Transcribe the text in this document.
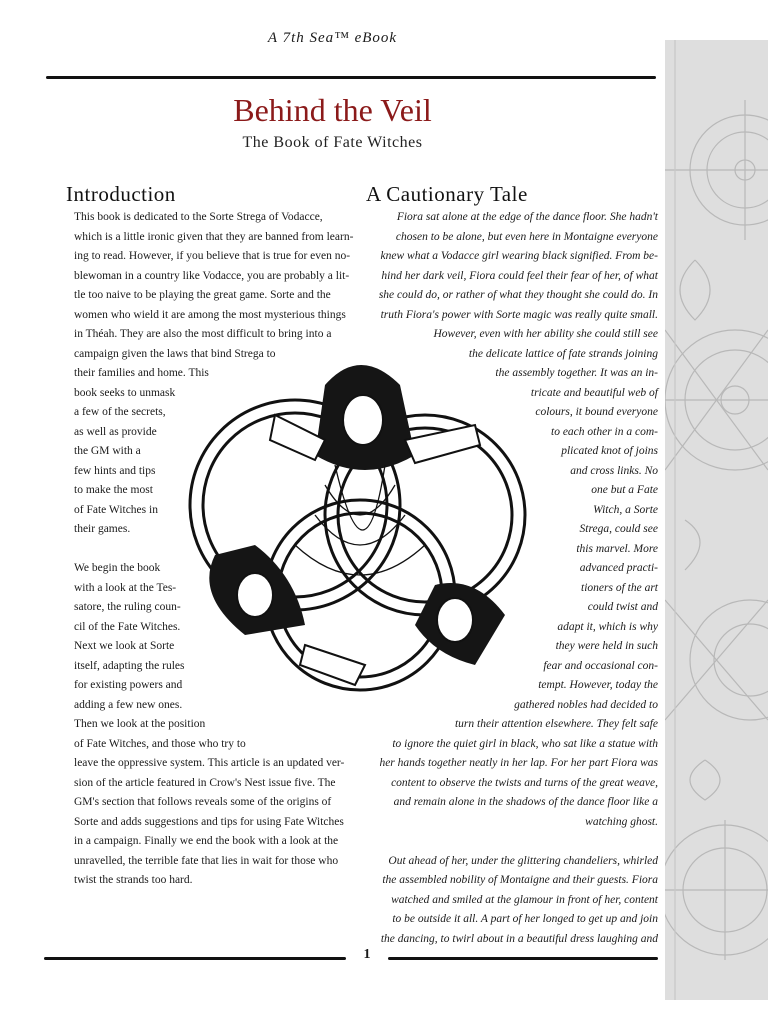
A 7th Sea™ eBook
Behind the Veil
The Book of Fate Witches
Introduction	A Cautionary Tale
This book is dedicated to the Sorte Strega of Vodacce,
which is a little ironic given that they are banned from learn-
ing to read. However, if you believe that is true for even no-
blewoman in a country like Vodacce, you are probably a lit-
tle too naive to be playing the great game. Sorte and the
women who wield it are among the most mysterious things
in Théah. They are also the most difficult to bring into a
campaign given the laws that bind Strega to
their families and home. This
book seeks to unmask
a few of the secrets,
as well as provide
the GM with a
few hints and tips
to make the most
of Fate Witches in
their games.
We begin the book
with a look at the Tes-
satore, the ruling coun-
cil of the Fate Witches.
Next we look at Sorte
itself, adapting the rules
for existing powers and
adding a few new ones.
Then we look at the position
of Fate Witches, and those who try to
leave the oppressive system. This article is an updated ver-
sion of the article featured in Crow's Nest issue five. The
GM's section that follows reveals some of the origins of
Sorte and adds suggestions and tips for using Fate Witches
in a campaign. Finally we end the book with a look at the
unravelled, the terrible fate that lies in wait for those who
twist the strands too hard.
Fiora sat alone at the edge of the dance floor. She hadn't
chosen to be alone, but even here in Montaigne everyone
knew what a Vodacce girl wearing black signified. From be-
hind her dark veil, Fiora could feel their fear of her, of what
she could do, or rather of what they thought she could do. In
truth Fiora's power with Sorte magic was really quite small.
However, even with her ability she could still see
the delicate lattice of fate strands joining
the assembly together. It was an in-
tricate and beautiful web of
colours, it bound everyone
to each other in a com-
plicated knot of joins
and cross links. No
one but a Fate
Witch, a Sorte
Strega, could see
this marvel. More
advanced practi-
tioners of the art
could twist and
adapt it, which is why
they were held in such
fear and occasional con-
tempt. However, today the
gathered nobles had decided to
turn their attention elsewhere. They felt safe
to ignore the quiet girl in black, who sat like a statue with
her hands together neatly in her lap. For her part Fiora was
content to observe the twists and turns of the great weave,
and remain alone in the shadows of the dance floor like a
watching ghost.
Out ahead of her, under the glittering chandeliers, whirled
the assembled nobility of Montaigne and their guests. Fiora
watched and smiled at the glamour in front of her, content
to be outside it all. A part of her longed to get up and join
the dancing, to twirl about in a beautiful dress laughing and
1
